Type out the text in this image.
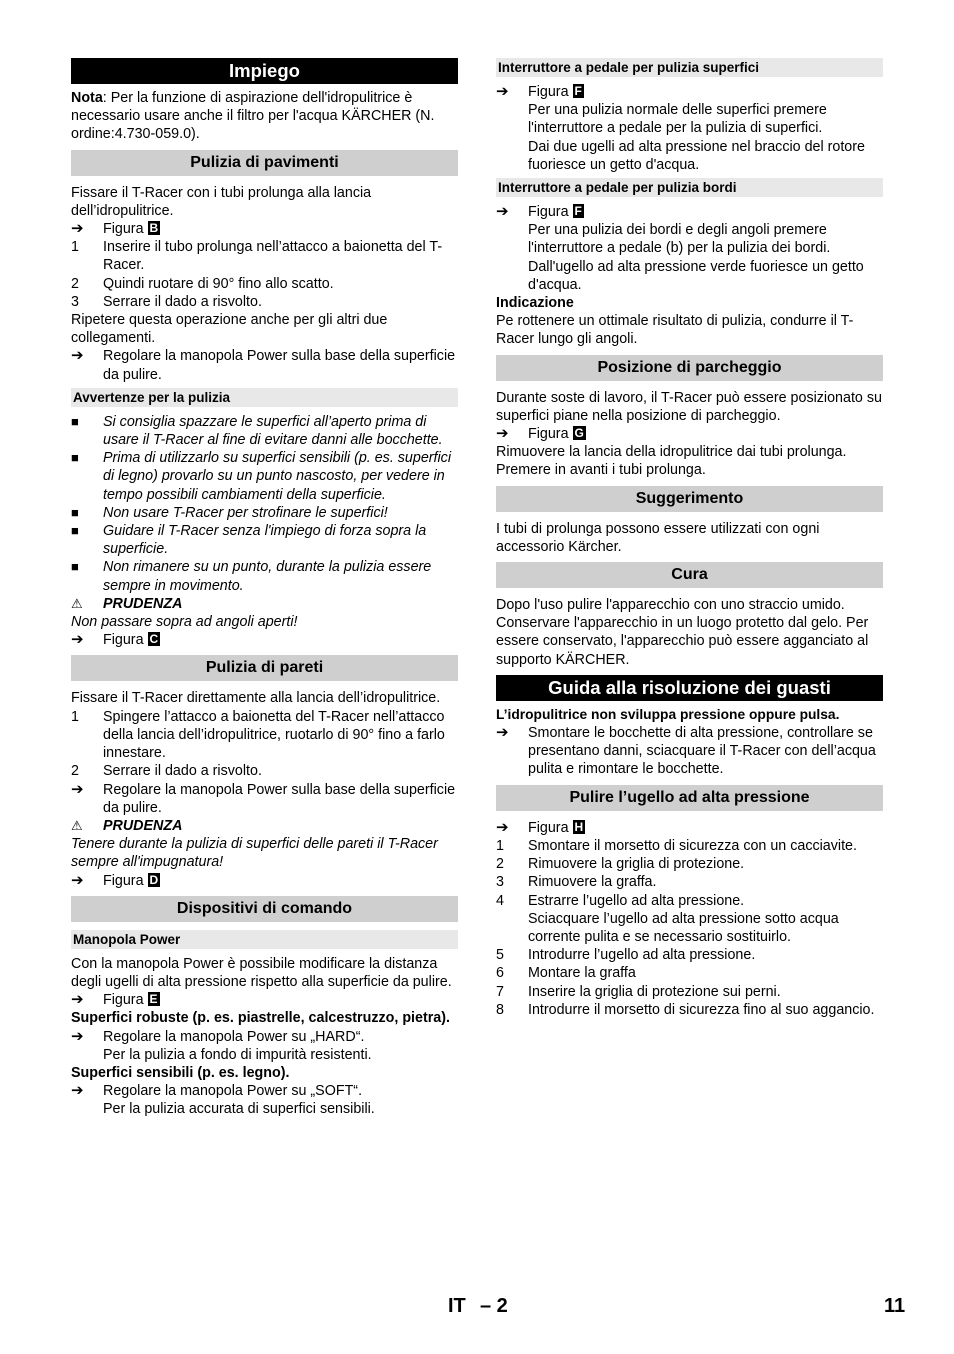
Impiego

Nota: Per la funzione di aspirazione dell'idropulitrice è necessario usare anche il filtro per l'acqua KÄRCHER (N. ordine:4.730-059.0).

Pulizia di pavimenti

Fissare il T-Racer con i tubi prolunga alla lancia dell’idropulitrice.

➔	Figura B
1	Inserire il tubo prolunga nell’attacco a baionetta del T-Racer.
2	Quindi ruotare di 90° fino allo scatto.
3	Serrare il dado a risvolto.

Ripetere questa operazione anche per gli altri due collegamenti.

➔	Regolare la manopola Power sulla base della superficie da pulire.
Avvertenze per la pulizia
■	Si consiglia spazzare le superfici all’aperto prima di usare il T-Racer al fine di evitare danni alle bocchette.
■	Prima di utilizzarlo su superfici sensibili (p. es. superfici di legno) provarlo su un punto nascosto, per vedere in tempo possibili cambiamenti della superficie.
■	Non usare T-Racer per strofinare le superfici!
■	Guidare il T-Racer senza l'impiego di forza sopra la superficie.
■	Non rimanere su un punto, durante la pulizia essere sempre in movimento.
⚠	PRUDENZA

Non passare sopra ad angoli aperti!

➔	Figura C
Pulizia di pareti

Fissare il T-Racer direttamente alla lancia dell’idropulitrice.

1	Spingere l’attacco a baionetta del T-Racer nell’attacco della lancia dell’idropulitrice, ruotarlo di 90° fino a farlo innestare.
2	Serrare il dado a risvolto.
➔	Regolare la manopola Power sulla base della superficie da pulire.
⚠	PRUDENZA

Tenere durante la pulizia di superfici delle pareti il T-Racer sempre all'impugnatura!

➔	Figura D
Dispositivi di comando
Manopola Power

Con la manopola Power è possibile modificare la distanza degli ugelli di alta pressione rispetto alla superficie da pulire.

➔	Figura E

Superfici robuste (p. es. piastrelle, calcestruzzo, pietra).

➔	Regolare la manopola Power su „HARD“.
Per la pulizia a fondo di impurità resistenti.

Superfici sensibili (p. es. legno).

➔	Regolare la manopola Power su „SOFT“.
Per la pulizia accurata di superfici sensibili.
Interruttore a pedale per pulizia superfici
➔	Figura F
Per una pulizia normale delle superfici premere l'interruttore a pedale per la pulizia di superfici.
Dai due ugelli ad alta pressione nel braccio del rotore fuoriesce un getto d'acqua.
Interruttore a pedale per pulizia bordi
➔	Figura F
Per una pulizia dei bordi e degli angoli premere l'interruttore a pedale (b) per la pulizia dei bordi.
Dall'ugello ad alta pressione verde fuoriesce un getto d'acqua.

Indicazione

Pe rottenere un ottimale risultato di pulizia, condurre il T-Racer lungo gli angoli.

Posizione di parcheggio

Durante soste di lavoro, il T-Racer può essere posizionato su superfici piane nella posizione di parcheggio.

➔	Figura G

Rimuovere la lancia della idropulitrice dai tubi prolunga. Premere in avanti i tubi prolunga.

Suggerimento

I tubi di prolunga possono essere utilizzati con ogni accessorio Kärcher.

Cura

Dopo l'uso pulire l'apparecchio con uno straccio umido. Conservare l'apparecchio in un luogo protetto dal gelo. Per essere conservato, l'apparecchio può essere agganciato al supporto KÄRCHER.

Guida alla risoluzione dei guasti

L’idropulitrice non sviluppa pressione oppure pulsa.

➔	Smontare le bocchette di alta pressione, controllare se presentano danni, sciacquare il T-Racer con dell’acqua pulita e rimontare le bocchette.
Pulire l’ugello ad alta pressione
➔	Figura H
1	Smontare il morsetto di sicurezza con un cacciavite.
2	Rimuovere la griglia di protezione.
3	Rimuovere la graffa.
4	Estrarre l’ugello ad alta pressione.
Sciacquare l’ugello ad alta pressione sotto acqua corrente pulita e se necessario sostituirlo.
5	Introdurre l’ugello ad alta pressione.
6	Montare la graffa
7	Inserire la griglia di protezione sui perni.
8	Introdurre il morsetto di sicurezza fino al suo aggancio.
IT – 2	11
